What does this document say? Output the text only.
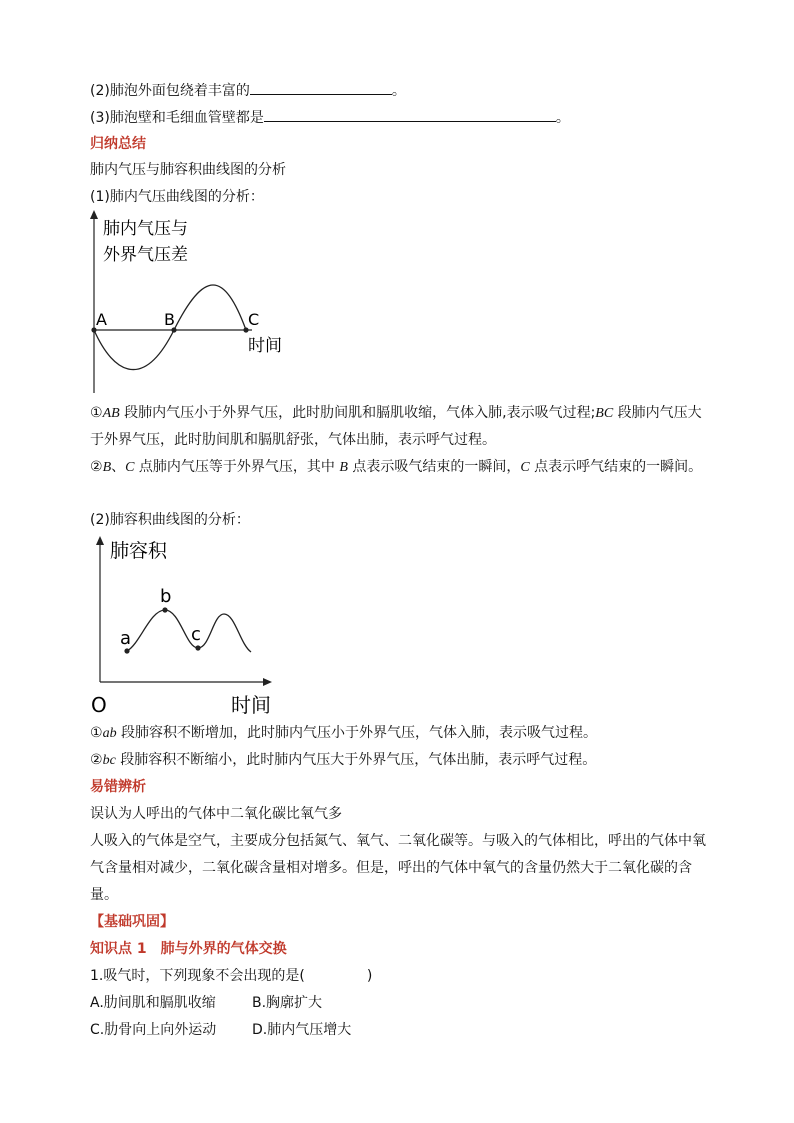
(2)肺泡外面包绕着丰富的	。
(3)肺泡壁和毛细血管壁都是	。
归纳总结
肺内气压与肺容积曲线图的分析
(1)肺内气压曲线图的分析：
肺内气压与
外界气压差
A	B	C
时间
①AB 段肺内气压小于外界气压，此时肋间肌和膈肌收缩，气体入肺,表示吸气过程;BC 段肺内气压大于外界气压，此时肋间肌和膈肌舒张，气体出肺，表示呼气过程。
②B、C 点肺内气压等于外界气压，其中 B 点表示吸气结束的一瞬间，C 点表示呼气结束的一瞬间。
(2)肺容积曲线图的分析：
肺容积
O	时间
a
b
c
①ab 段肺容积不断增加，此时肺内气压小于外界气压，气体入肺，表示吸气过程。
②bc 段肺容积不断缩小，此时肺内气压大于外界气压，气体出肺，表示呼气过程。
易错辨析
误认为人呼出的气体中二氧化碳比氧气多
人吸入的气体是空气，主要成分包括氮气、氧气、二氧化碳等。与吸入的气体相比，呼出的气体中氧气含量相对减少，二氧化碳含量相对增多。但是，呼出的气体中氧气的含量仍然大于二氧化碳的含量。
【基础巩固】
知识点 1　肺与外界的气体交换
1.吸气时，下列现象不会出现的是(	)
A.肋间肌和膈肌收缩	B.胸廓扩大
C.肋骨向上向外运动	D.肺内气压增大
